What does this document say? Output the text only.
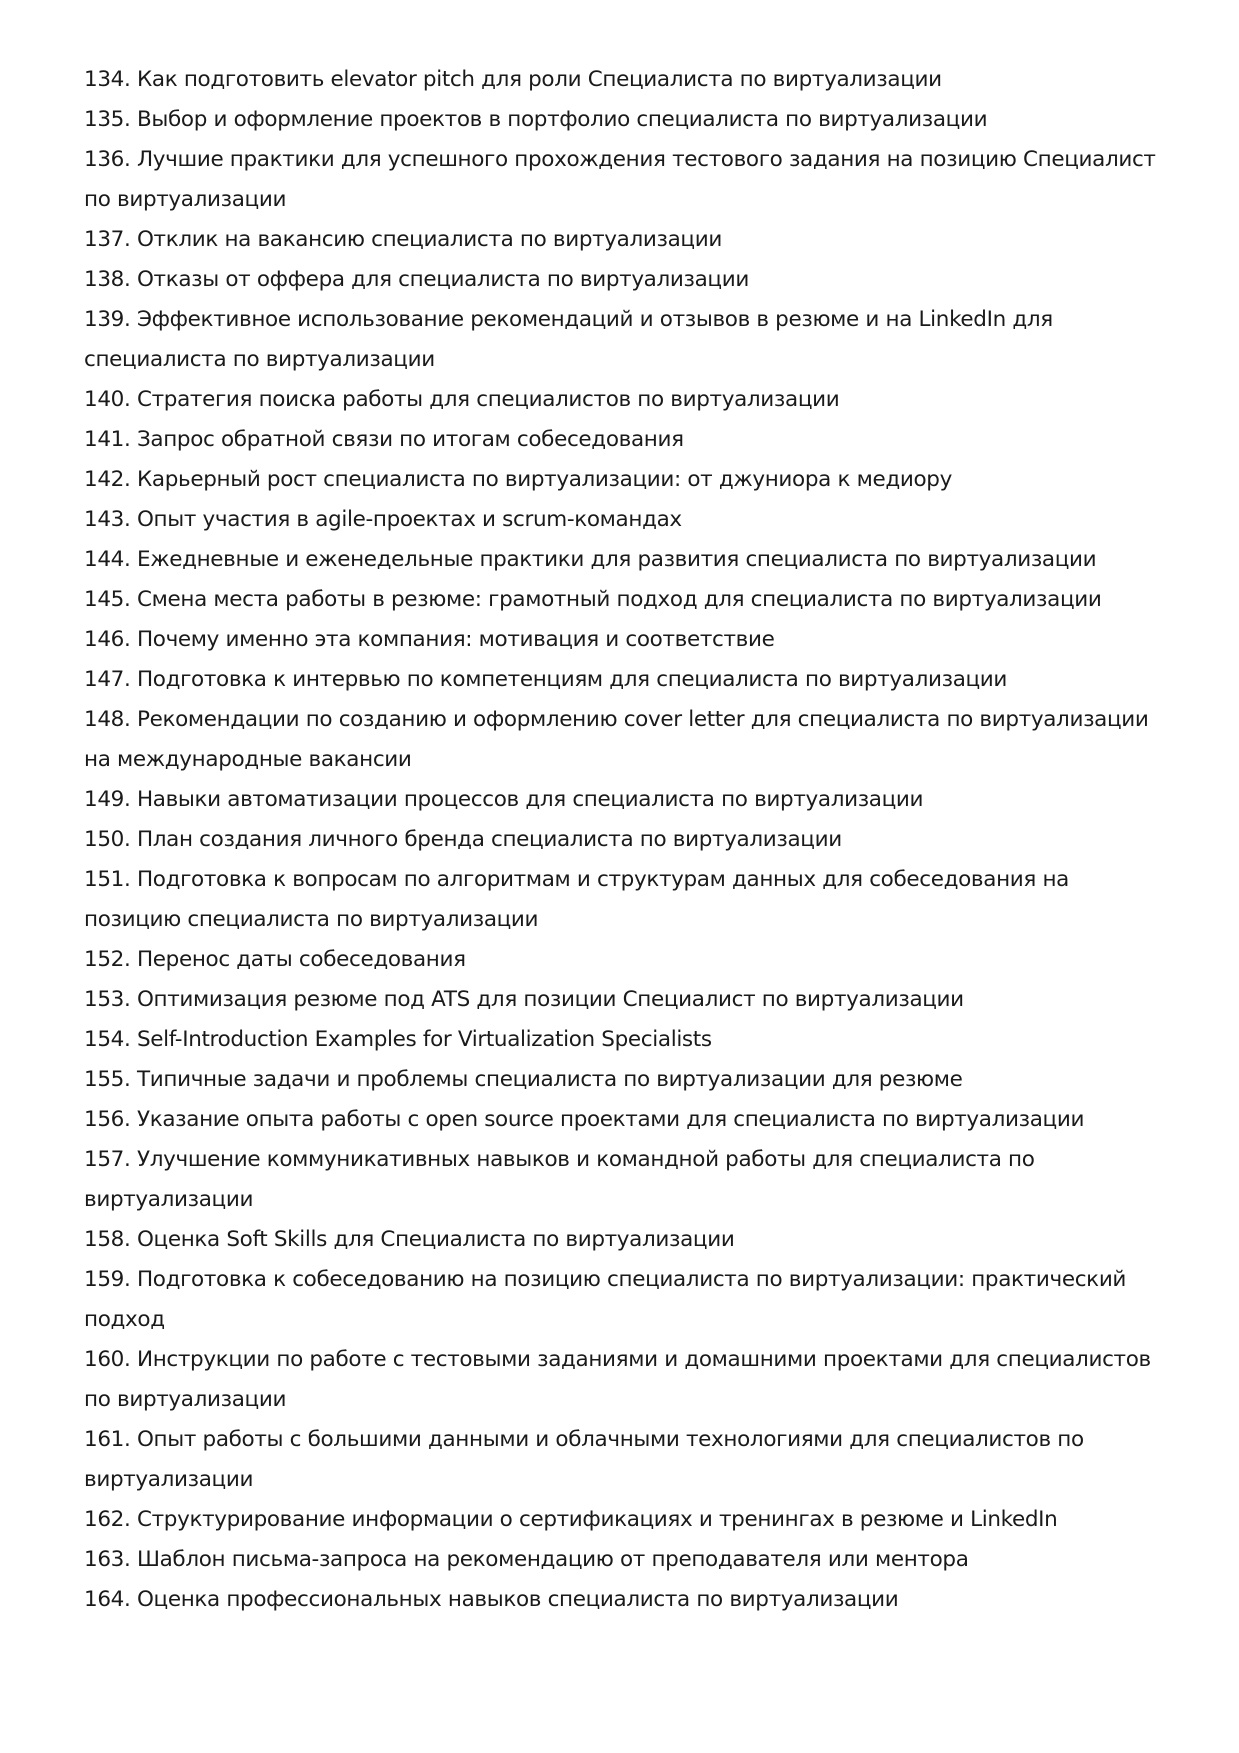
134. Как подготовить elevator pitch для роли Специалиста по виртуализации
135. Выбор и оформление проектов в портфолио специалиста по виртуализации
136. Лучшие практики для успешного прохождения тестового задания на позицию Специалист по виртуализации
137. Отклик на вакансию специалиста по виртуализации
138. Отказы от оффера для специалиста по виртуализации
139. Эффективное использование рекомендаций и отзывов в резюме и на LinkedIn для специалиста по виртуализации
140. Стратегия поиска работы для специалистов по виртуализации
141. Запрос обратной связи по итогам собеседования
142. Карьерный рост специалиста по виртуализации: от джуниора к медиору
143. Опыт участия в agile-проектах и scrum-командах
144. Ежедневные и еженедельные практики для развития специалиста по виртуализации
145. Смена места работы в резюме: грамотный подход для специалиста по виртуализации
146. Почему именно эта компания: мотивация и соответствие
147. Подготовка к интервью по компетенциям для специалиста по виртуализации
148. Рекомендации по созданию и оформлению cover letter для специалиста по виртуализации на международные вакансии
149. Навыки автоматизации процессов для специалиста по виртуализации
150. План создания личного бренда специалиста по виртуализации
151. Подготовка к вопросам по алгоритмам и структурам данных для собеседования на позицию специалиста по виртуализации
152. Перенос даты собеседования
153. Оптимизация резюме под ATS для позиции Специалист по виртуализации
154. Self-Introduction Examples for Virtualization Specialists
155. Типичные задачи и проблемы специалиста по виртуализации для резюме
156. Указание опыта работы с open source проектами для специалиста по виртуализации
157. Улучшение коммуникативных навыков и командной работы для специалиста по виртуализации
158. Оценка Soft Skills для Специалиста по виртуализации
159. Подготовка к собеседованию на позицию специалиста по виртуализации: практический подход
160. Инструкции по работе с тестовыми заданиями и домашними проектами для специалистов по виртуализации
161. Опыт работы с большими данными и облачными технологиями для специалистов по виртуализации
162. Структурирование информации о сертификациях и тренингах в резюме и LinkedIn
163. Шаблон письма-запроса на рекомендацию от преподавателя или ментора
164. Оценка профессиональных навыков специалиста по виртуализации
